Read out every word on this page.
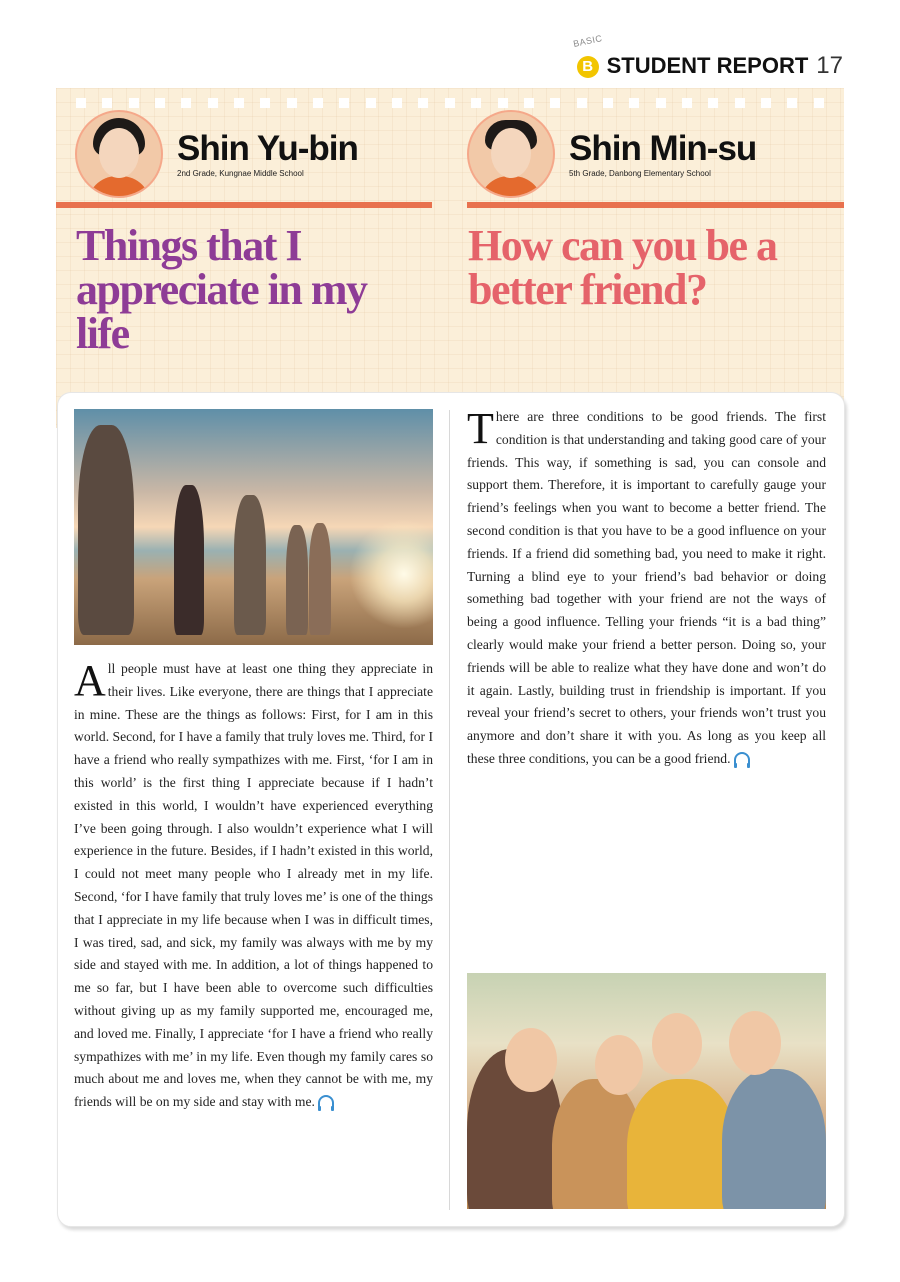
BASIC
B STUDENT REPORT 17
Shin Yu-bin
2nd Grade, Kungnae Middle School
Shin Min-su
5th Grade, Danbong Elementary School
Things that I appreciate in my life
How can you be a better friend?
All people must have at least one thing they appreciate in their lives. Like everyone, there are things that I appreciate in mine. These are the things as follows: First, for I am in this world. Second, for I have a family that truly loves me. Third, for I have a friend who really sympathizes with me. First, ‘for I am in this world’ is the first thing I appreciate because if I hadn’t existed in this world, I wouldn’t have experienced everything I’ve been going through. I also wouldn’t experience what I will experience in the future. Besides, if I hadn’t existed in this world, I could not meet many people who I already met in my life. Second, ‘for I have family that truly loves me’ is one of the things that I appreciate in my life because when I was in difficult times, I was tired, sad, and sick, my family was always with me by my side and stayed with me. In addition, a lot of things happened to me so far, but I have been able to overcome such difficulties without giving up as my family supported me, encouraged me, and loved me. Finally, I appreciate ‘for I have a friend who really sympathizes with me’ in my life. Even though my family cares so much about me and loves me, when they cannot be with me, my friends will be on my side and stay with me.
There are three conditions to be good friends. The first condition is that understanding and taking good care of your friends. This way, if something is sad, you can console and support them. Therefore, it is important to carefully gauge your friend’s feelings when you want to become a better friend. The second condition is that you have to be a good influence on your friends. If a friend did something bad, you need to make it right. Turning a blind eye to your friend’s bad behavior or doing something bad together with your friend are not the ways of being a good influence. Telling your friends “it is a bad thing” clearly would make your friend a better person. Doing so, your friends will be able to realize what they have done and won’t do it again. Lastly, building trust in friendship is important. If you reveal your friend’s secret to others, your friends won’t trust you anymore and don’t share it with you. As long as you keep all these three conditions, you can be a good friend.
